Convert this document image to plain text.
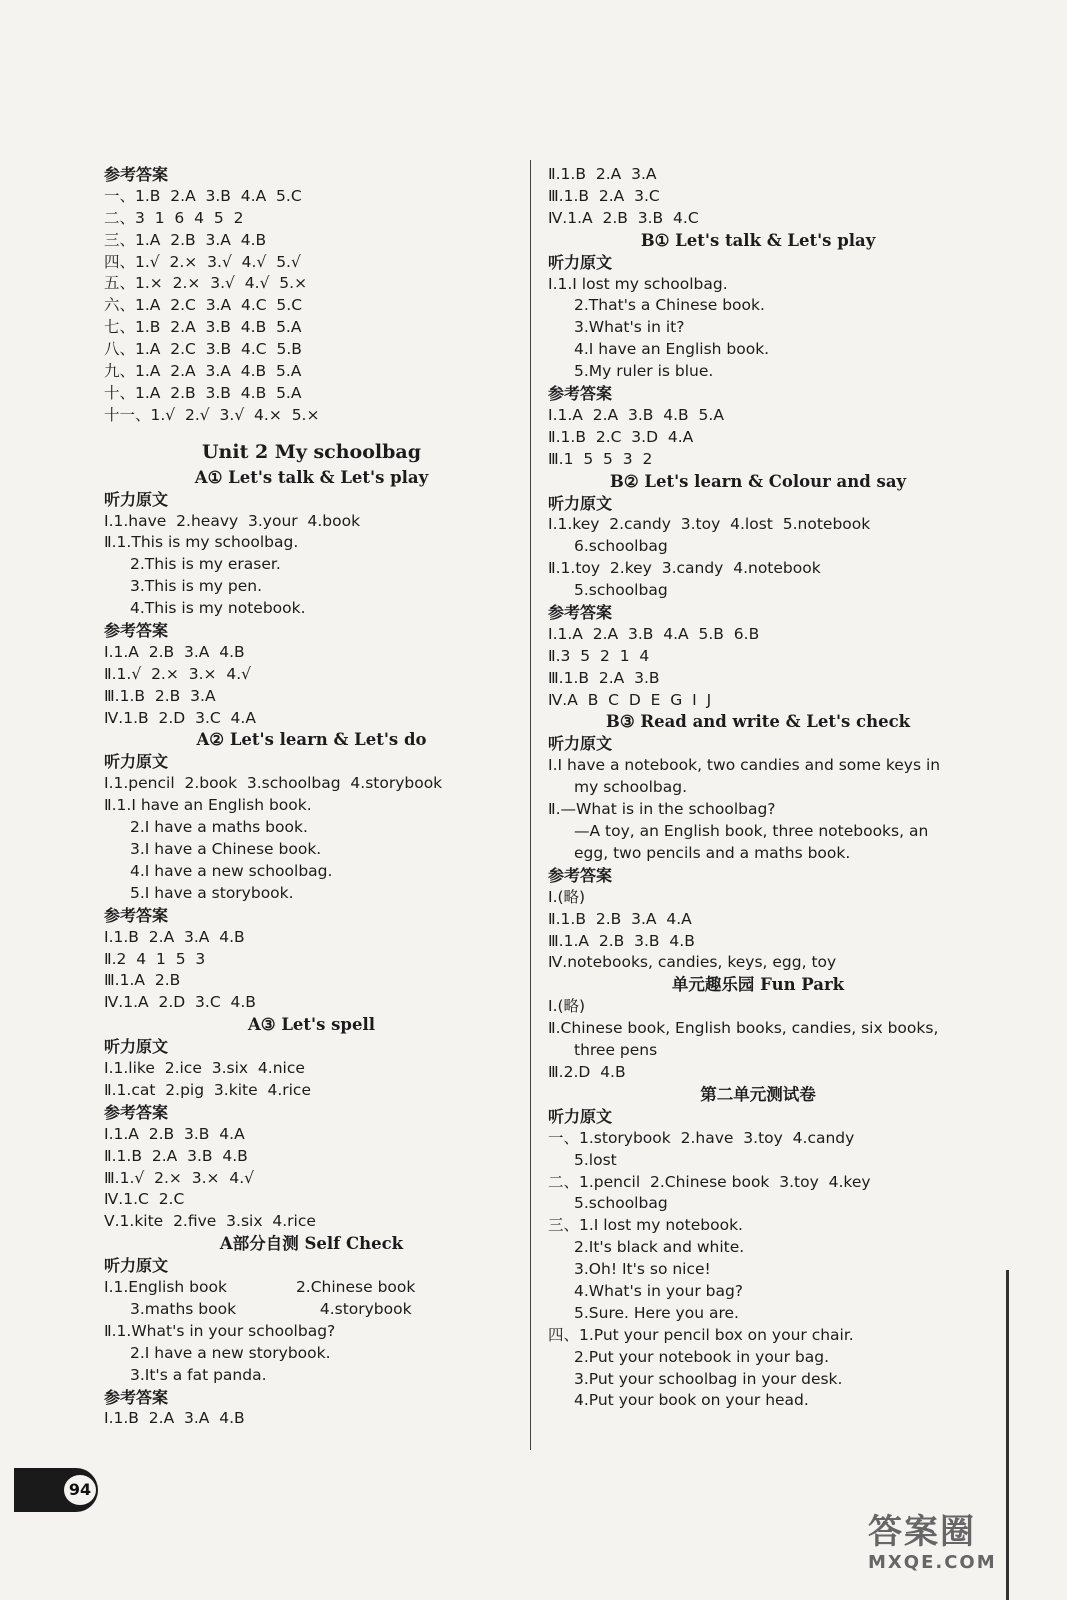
参考答案
一、1.B  2.A  3.B  4.A  5.C
二、3  1  6  4  5  2
三、1.A  2.B  3.A  4.B
四、1.√  2.×  3.√  4.√  5.√
五、1.×  2.×  3.√  4.√  5.×
六、1.A  2.C  3.A  4.C  5.C
七、1.B  2.A  3.B  4.B  5.A
八、1.A  2.C  3.B  4.C  5.B
九、1.A  2.A  3.A  4.B  5.A
十、1.A  2.B  3.B  4.B  5.A
十一、1.√  2.√  3.√  4.×  5.×
Unit 2 My schoolbag
A① Let's talk & Let's play
听力原文
Ⅰ.1.have  2.heavy  3.your  4.book
Ⅱ.1.This is my schoolbag.
2.This is my eraser.
3.This is my pen.
4.This is my notebook.
参考答案
Ⅰ.1.A  2.B  3.A  4.B
Ⅱ.1.√  2.×  3.×  4.√
Ⅲ.1.B  2.B  3.A
Ⅳ.1.B  2.D  3.C  4.A
A② Let's learn & Let's do
听力原文
Ⅰ.1.pencil  2.book  3.schoolbag  4.storybook
Ⅱ.1.I have an English book.
2.I have a maths book.
3.I have a Chinese book.
4.I have a new schoolbag.
5.I have a storybook.
参考答案
Ⅰ.1.B  2.A  3.A  4.B
Ⅱ.2  4  1  5  3
Ⅲ.1.A  2.B
Ⅳ.1.A  2.D  3.C  4.B
A③ Let's spell
听力原文
Ⅰ.1.like  2.ice  3.six  4.nice
Ⅱ.1.cat  2.pig  3.kite  4.rice
参考答案
Ⅰ.1.A  2.B  3.B  4.A
Ⅱ.1.B  2.A  3.B  4.B
Ⅲ.1.√  2.×  3.×  4.√
Ⅳ.1.C  2.C
Ⅴ.1.kite  2.five  3.six  4.rice
A部分自测 Self Check
听力原文
Ⅰ.1.English book              2.Chinese book
3.maths book                 4.storybook
Ⅱ.1.What's in your schoolbag?
2.I have a new storybook.
3.It's a fat panda.
参考答案
Ⅰ.1.B  2.A  3.A  4.B
Ⅱ.1.B  2.A  3.A
Ⅲ.1.B  2.A  3.C
Ⅳ.1.A  2.B  3.B  4.C
B① Let's talk & Let's play
听力原文
Ⅰ.1.I lost my schoolbag.
2.That's a Chinese book.
3.What's in it?
4.I have an English book.
5.My ruler is blue.
参考答案
Ⅰ.1.A  2.A  3.B  4.B  5.A
Ⅱ.1.B  2.C  3.D  4.A
Ⅲ.1  5  5  3  2
B② Let's learn & Colour and say
听力原文
Ⅰ.1.key  2.candy  3.toy  4.lost  5.notebook
6.schoolbag
Ⅱ.1.toy  2.key  3.candy  4.notebook
5.schoolbag
参考答案
Ⅰ.1.A  2.A  3.B  4.A  5.B  6.B
Ⅱ.3  5  2  1  4
Ⅲ.1.B  2.A  3.B
Ⅳ.A  B  C  D  E  G  I  J
B③ Read and write & Let's check
听力原文
Ⅰ.I have a notebook, two candies and some keys in
my schoolbag.
Ⅱ.—What is in the schoolbag?
—A toy, an English book, three notebooks, an
egg, two pencils and a maths book.
参考答案
Ⅰ.(略)
Ⅱ.1.B  2.B  3.A  4.A
Ⅲ.1.A  2.B  3.B  4.B
Ⅳ.notebooks, candies, keys, egg, toy
单元趣乐园 Fun Park
Ⅰ.(略)
Ⅱ.Chinese book, English books, candies, six books,
three pens
Ⅲ.2.D  4.B
第二单元测试卷
听力原文
一、1.storybook  2.have  3.toy  4.candy
5.lost
二、1.pencil  2.Chinese book  3.toy  4.key
5.schoolbag
三、1.I lost my notebook.
2.It's black and white.
3.Oh! It's so nice!
4.What's in your bag?
5.Sure. Here you are.
四、1.Put your pencil box on your chair.
2.Put your notebook in your bag.
3.Put your schoolbag in your desk.
4.Put your book on your head.
94
答案圈
MXQE.COM
